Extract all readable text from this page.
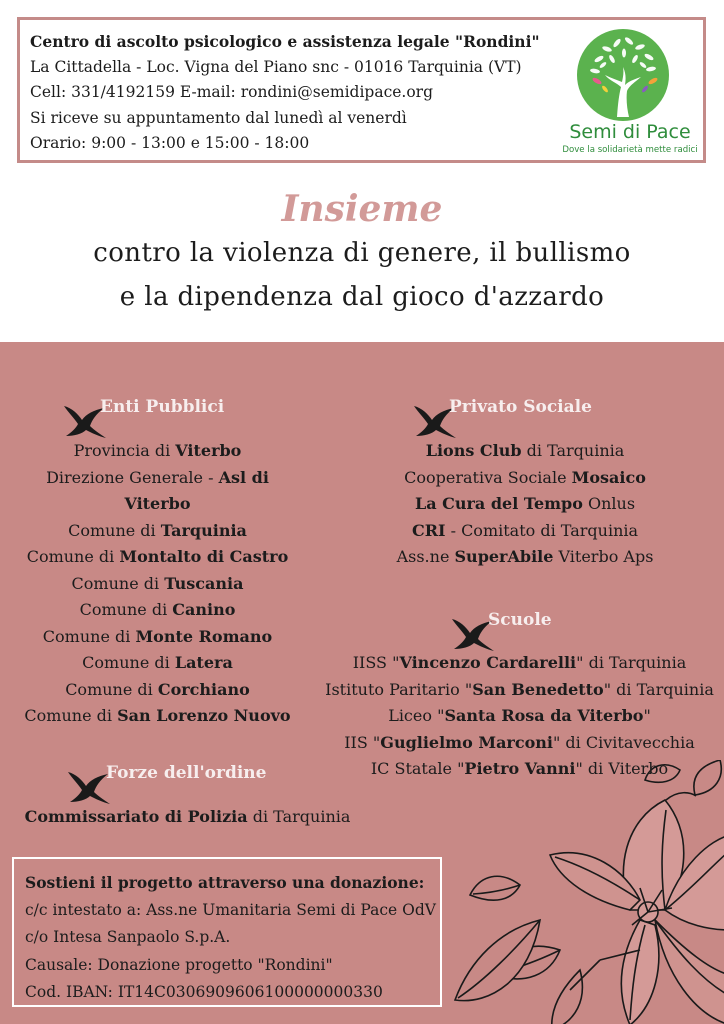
Centro di ascolto psicologico e assistenza legale "Rondini"
La Cittadella - Loc. Vigna del Piano snc - 01016 Tarquinia (VT)
Cell: 331/4192159 E-mail: rondini@semidipace.org
Si riceve su appuntamento dal lunedì al venerdì
Orario: 9:00 - 13:00 e 15:00 - 18:00	Semi di Pace
Dove la solidarietà mette radici
Insieme
contro la violenza di genere, il bullismo
e la dipendenza dal gioco d'azzardo
Enti Pubblici
Provincia di Viterbo
Direzione Generale - Asl di
Viterbo
Comune di Tarquinia
Comune di Montalto di Castro
Comune di Tuscania
Comune di Canino
Comune di Monte Romano
Comune di Latera
Comune di Corchiano
Comune di San Lorenzo Nuovo
Forze dell'ordine
Commissariato di Polizia di Tarquinia
Privato Sociale
Lions Club di Tarquinia
Cooperativa Sociale Mosaico
La Cura del Tempo Onlus
CRI - Comitato di Tarquinia
Ass.ne SuperAbile Viterbo Aps
Scuole
IISS "Vincenzo Cardarelli" di Tarquinia
Istituto Paritario "San Benedetto" di Tarquinia
Liceo "Santa Rosa da Viterbo"
IIS "Guglielmo Marconi" di Civitavecchia
IC Statale "Pietro Vanni" di Viterbo
Sostieni il progetto attraverso una donazione:
c/c intestato a: Ass.ne Umanitaria Semi di Pace OdV
c/o Intesa Sanpaolo S.p.A.
Causale: Donazione progetto "Rondini"
Cod. IBAN: IT14C0306909606100000000330
